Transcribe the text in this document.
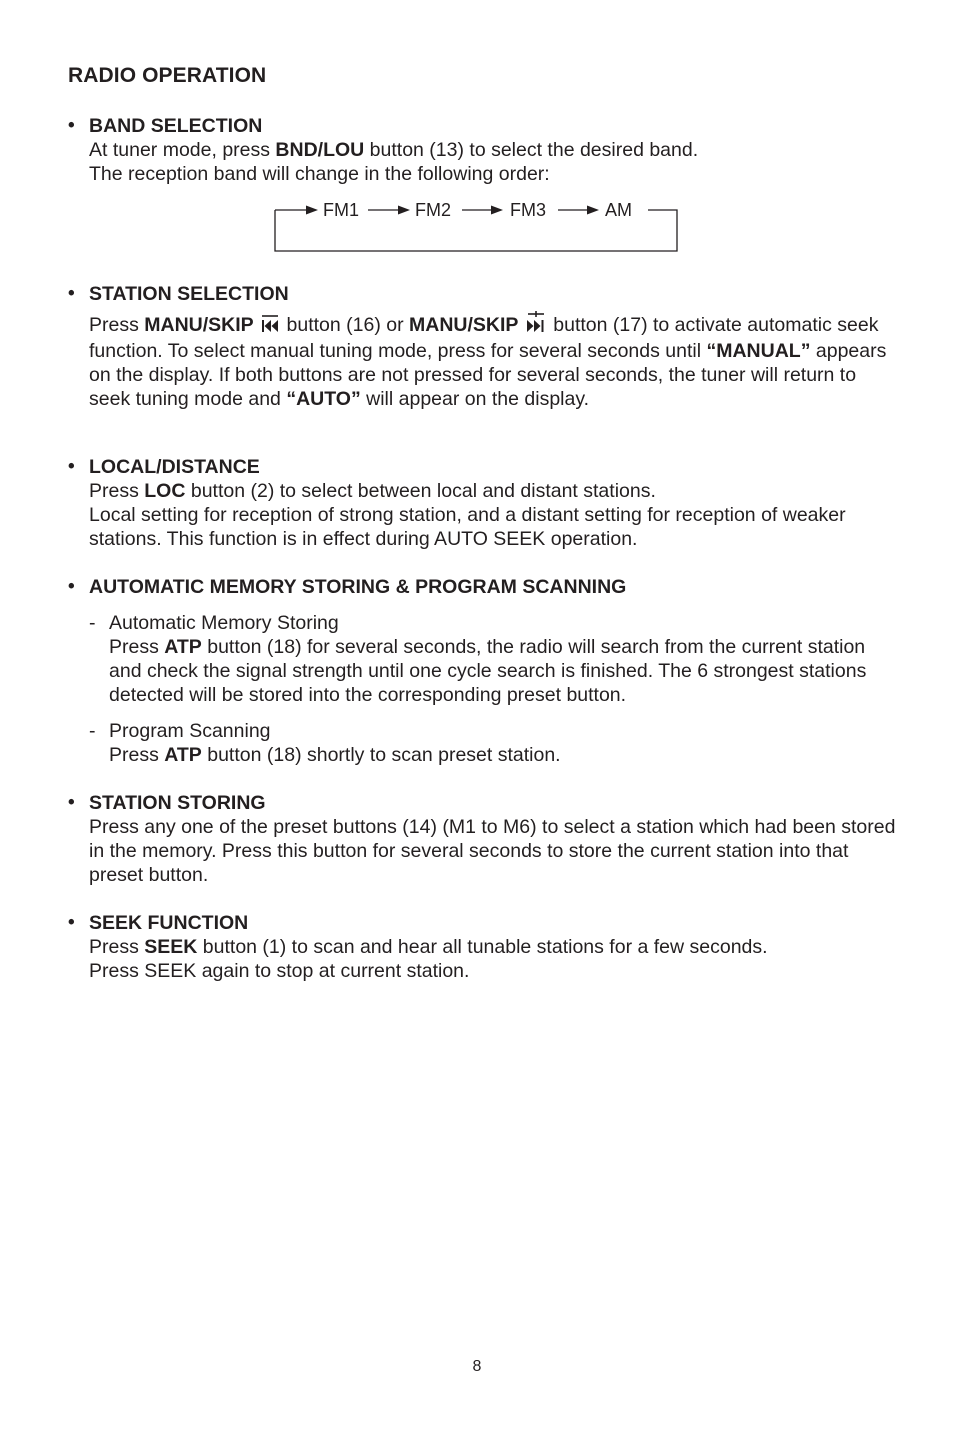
RADIO OPERATION
• BAND SELECTION
At tuner mode, press BND/LOU button (13) to select the desired band.
The reception band will change in the following order:
FM1	FM2	FM3	AM
• STATION SELECTION
Press MANU/SKIP  button (16) or MANU/SKIP  button (17) to activate automatic seek function. To select manual tuning mode, press for several seconds until “MANUAL” appears on the display. If both buttons are not pressed for several seconds, the tuner will return to seek tuning mode and “AUTO” will appear on the display.
• LOCAL/DISTANCE
Press LOC button (2) to select between local and distant stations.
Local setting for reception of strong station, and a distant setting for reception of weaker stations. This function is in effect during AUTO SEEK operation.
• AUTOMATIC MEMORY STORING & PROGRAM SCANNING
- Automatic Memory Storing
Press ATP button (18) for several seconds, the radio will search from the current station and check the signal strength until one cycle search is finished. The 6 strongest stations detected will be stored into the corresponding preset button.
- Program Scanning
Press ATP button (18) shortly to scan preset station.
• STATION STORING
Press any one of the preset buttons (14) (M1 to M6) to select a station which had been stored in the memory. Press this button for several seconds to store the current station into that preset button.
• SEEK FUNCTION
Press SEEK button (1) to scan and hear all tunable stations for a few seconds.
Press SEEK again to stop at current station.
8
